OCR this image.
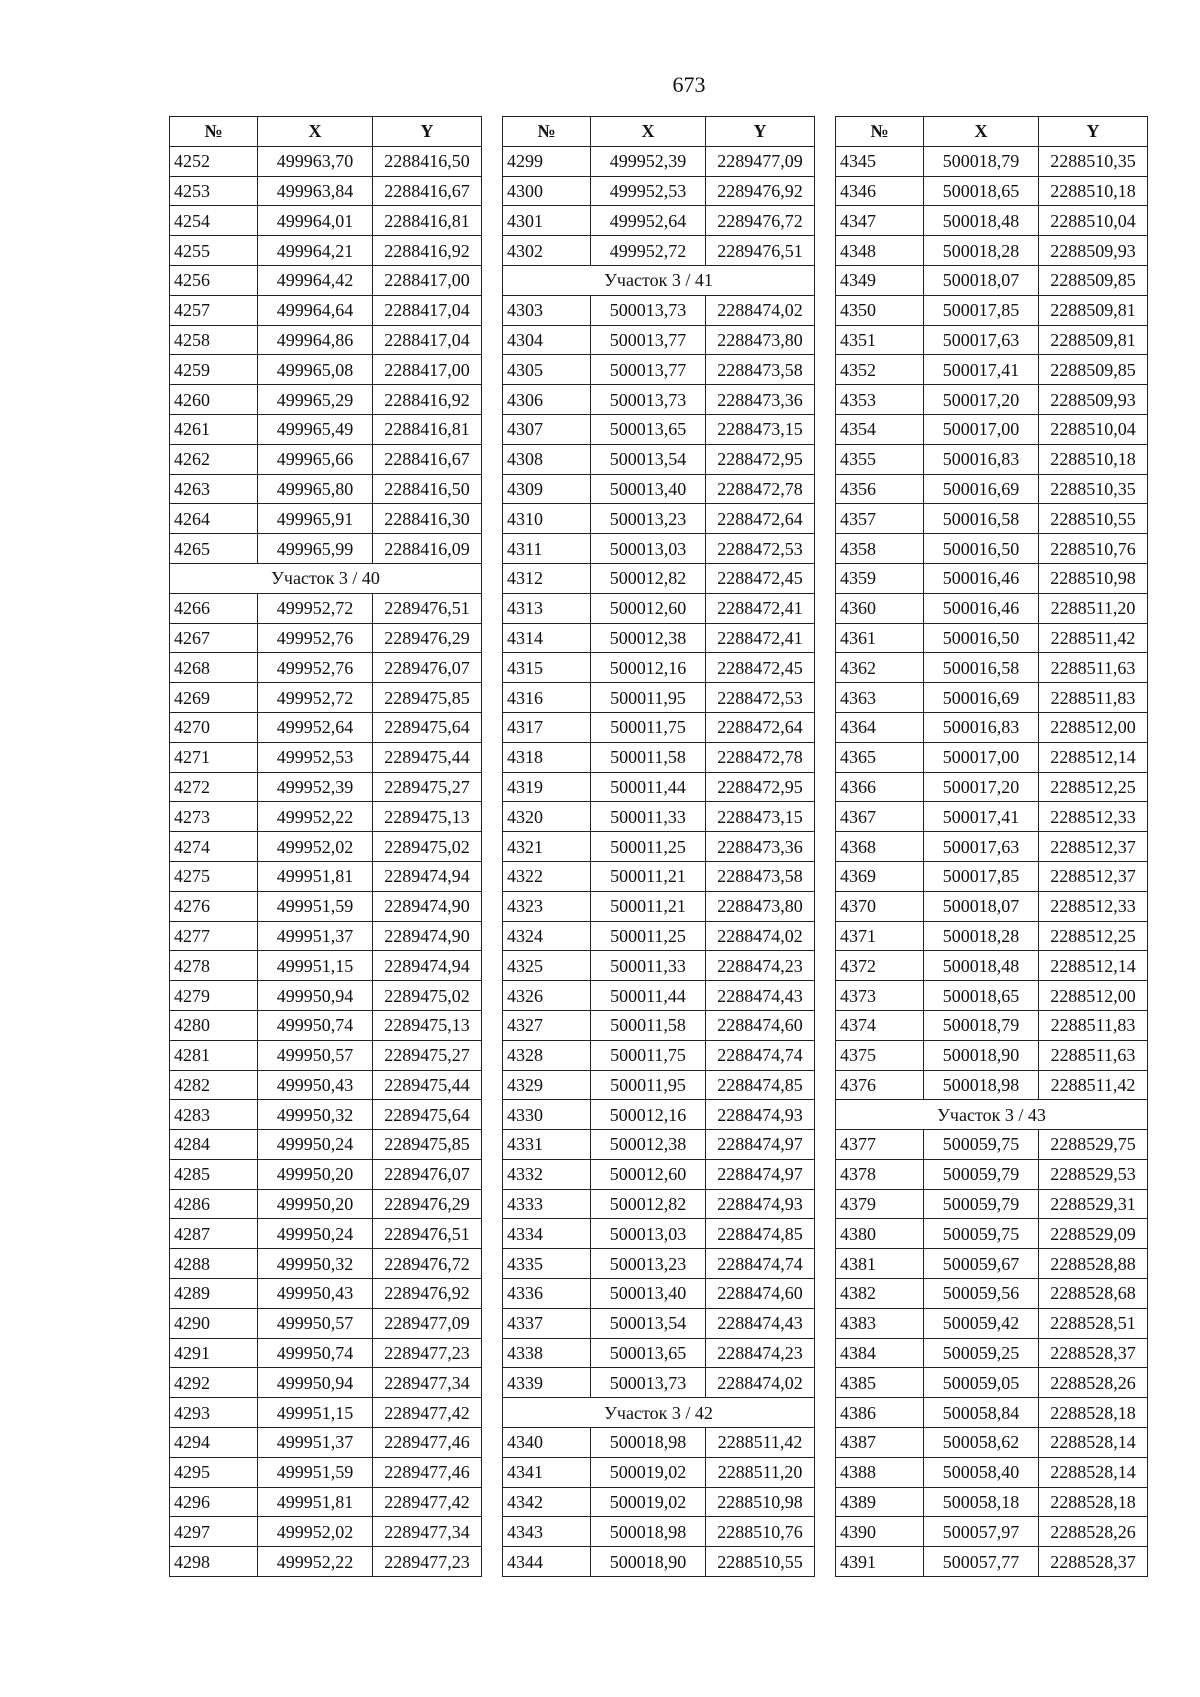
673
№	X	Y
4252	499963,70	2288416,50
4253	499963,84	2288416,67
4254	499964,01	2288416,81
4255	499964,21	2288416,92
4256	499964,42	2288417,00
4257	499964,64	2288417,04
4258	499964,86	2288417,04
4259	499965,08	2288417,00
4260	499965,29	2288416,92
4261	499965,49	2288416,81
4262	499965,66	2288416,67
4263	499965,80	2288416,50
4264	499965,91	2288416,30
4265	499965,99	2288416,09
Участок 3 / 40		
4266	499952,72	2289476,51
4267	499952,76	2289476,29
4268	499952,76	2289476,07
4269	499952,72	2289475,85
4270	499952,64	2289475,64
4271	499952,53	2289475,44
4272	499952,39	2289475,27
4273	499952,22	2289475,13
4274	499952,02	2289475,02
4275	499951,81	2289474,94
4276	499951,59	2289474,90
4277	499951,37	2289474,90
4278	499951,15	2289474,94
4279	499950,94	2289475,02
4280	499950,74	2289475,13
4281	499950,57	2289475,27
4282	499950,43	2289475,44
4283	499950,32	2289475,64
4284	499950,24	2289475,85
4285	499950,20	2289476,07
4286	499950,20	2289476,29
4287	499950,24	2289476,51
4288	499950,32	2289476,72
4289	499950,43	2289476,92
4290	499950,57	2289477,09
4291	499950,74	2289477,23
4292	499950,94	2289477,34
4293	499951,15	2289477,42
4294	499951,37	2289477,46
4295	499951,59	2289477,46
4296	499951,81	2289477,42
4297	499952,02	2289477,34
4298	499952,22	2289477,23
№	X	Y
4299	499952,39	2289477,09
4300	499952,53	2289476,92
4301	499952,64	2289476,72
4302	499952,72	2289476,51
Участок 3 / 41		
4303	500013,73	2288474,02
4304	500013,77	2288473,80
4305	500013,77	2288473,58
4306	500013,73	2288473,36
4307	500013,65	2288473,15
4308	500013,54	2288472,95
4309	500013,40	2288472,78
4310	500013,23	2288472,64
4311	500013,03	2288472,53
4312	500012,82	2288472,45
4313	500012,60	2288472,41
4314	500012,38	2288472,41
4315	500012,16	2288472,45
4316	500011,95	2288472,53
4317	500011,75	2288472,64
4318	500011,58	2288472,78
4319	500011,44	2288472,95
4320	500011,33	2288473,15
4321	500011,25	2288473,36
4322	500011,21	2288473,58
4323	500011,21	2288473,80
4324	500011,25	2288474,02
4325	500011,33	2288474,23
4326	500011,44	2288474,43
4327	500011,58	2288474,60
4328	500011,75	2288474,74
4329	500011,95	2288474,85
4330	500012,16	2288474,93
4331	500012,38	2288474,97
4332	500012,60	2288474,97
4333	500012,82	2288474,93
4334	500013,03	2288474,85
4335	500013,23	2288474,74
4336	500013,40	2288474,60
4337	500013,54	2288474,43
4338	500013,65	2288474,23
4339	500013,73	2288474,02
Участок 3 / 42		
4340	500018,98	2288511,42
4341	500019,02	2288511,20
4342	500019,02	2288510,98
4343	500018,98	2288510,76
4344	500018,90	2288510,55
№	X	Y
4345	500018,79	2288510,35
4346	500018,65	2288510,18
4347	500018,48	2288510,04
4348	500018,28	2288509,93
4349	500018,07	2288509,85
4350	500017,85	2288509,81
4351	500017,63	2288509,81
4352	500017,41	2288509,85
4353	500017,20	2288509,93
4354	500017,00	2288510,04
4355	500016,83	2288510,18
4356	500016,69	2288510,35
4357	500016,58	2288510,55
4358	500016,50	2288510,76
4359	500016,46	2288510,98
4360	500016,46	2288511,20
4361	500016,50	2288511,42
4362	500016,58	2288511,63
4363	500016,69	2288511,83
4364	500016,83	2288512,00
4365	500017,00	2288512,14
4366	500017,20	2288512,25
4367	500017,41	2288512,33
4368	500017,63	2288512,37
4369	500017,85	2288512,37
4370	500018,07	2288512,33
4371	500018,28	2288512,25
4372	500018,48	2288512,14
4373	500018,65	2288512,00
4374	500018,79	2288511,83
4375	500018,90	2288511,63
4376	500018,98	2288511,42
Участок 3 / 43		
4377	500059,75	2288529,75
4378	500059,79	2288529,53
4379	500059,79	2288529,31
4380	500059,75	2288529,09
4381	500059,67	2288528,88
4382	500059,56	2288528,68
4383	500059,42	2288528,51
4384	500059,25	2288528,37
4385	500059,05	2288528,26
4386	500058,84	2288528,18
4387	500058,62	2288528,14
4388	500058,40	2288528,14
4389	500058,18	2288528,18
4390	500057,97	2288528,26
4391	500057,77	2288528,37
